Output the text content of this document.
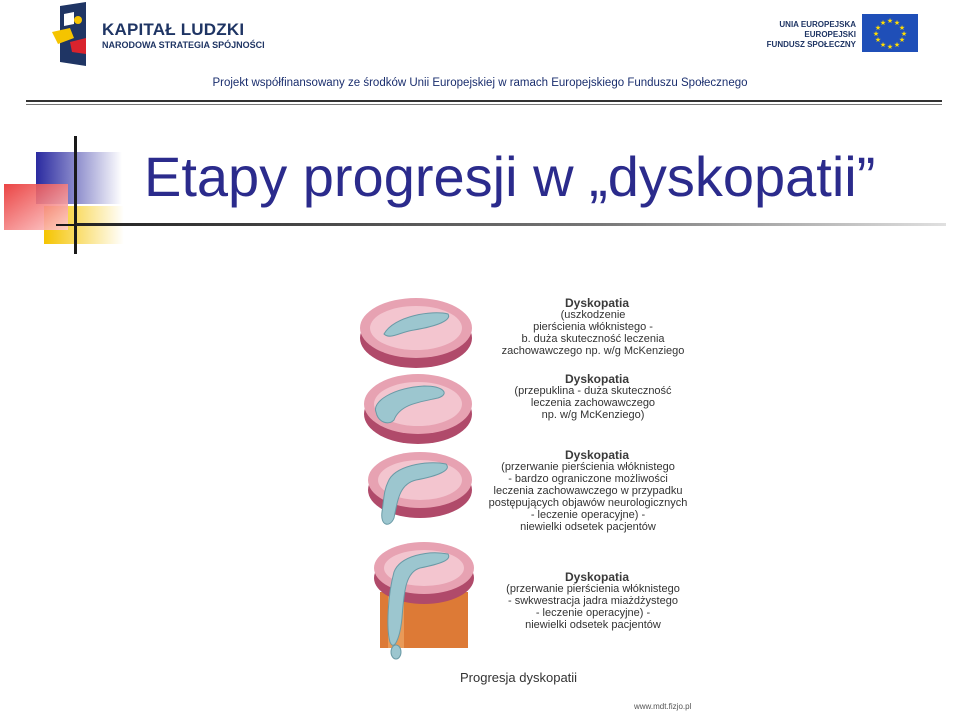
KAPITAŁ LUDZKI
NARODOWA STRATEGIA SPÓJNOŚCI
UNIA EUROPEJSKA
EUROPEJSKI
FUNDUSZ SPOŁECZNY
★ ★
★
★
★
★
★
★
★
★
★
★
Projekt współfinansowany ze środków Unii Europejskiej w ramach Europejskiego Funduszu Społecznego
Etapy progresji w „dyskopatii”
Dyskopatia
(uszkodzenie
pierścienia włóknistego -
b. duża skuteczność leczenia
zachowawczego np. w/g McKenziego
Dyskopatia
(przepuklina - duża skuteczność
leczenia zachowawczego
np. w/g McKenziego)
Dyskopatia
(przerwanie pierścienia włóknistego
- bardzo ograniczone możliwości
leczenia zachowawczego w przypadku
postępujących objawów neurologicznych
- leczenie operacyjne) -
niewielki odsetek pacjentów
Dyskopatia
(przerwanie pierścienia włóknistego
- swkwestracja jadra miażdżystego
- leczenie operacyjne) -
niewielki odsetek pacjentów
Progresja dyskopatii
www.mdt.fizjo.pl
